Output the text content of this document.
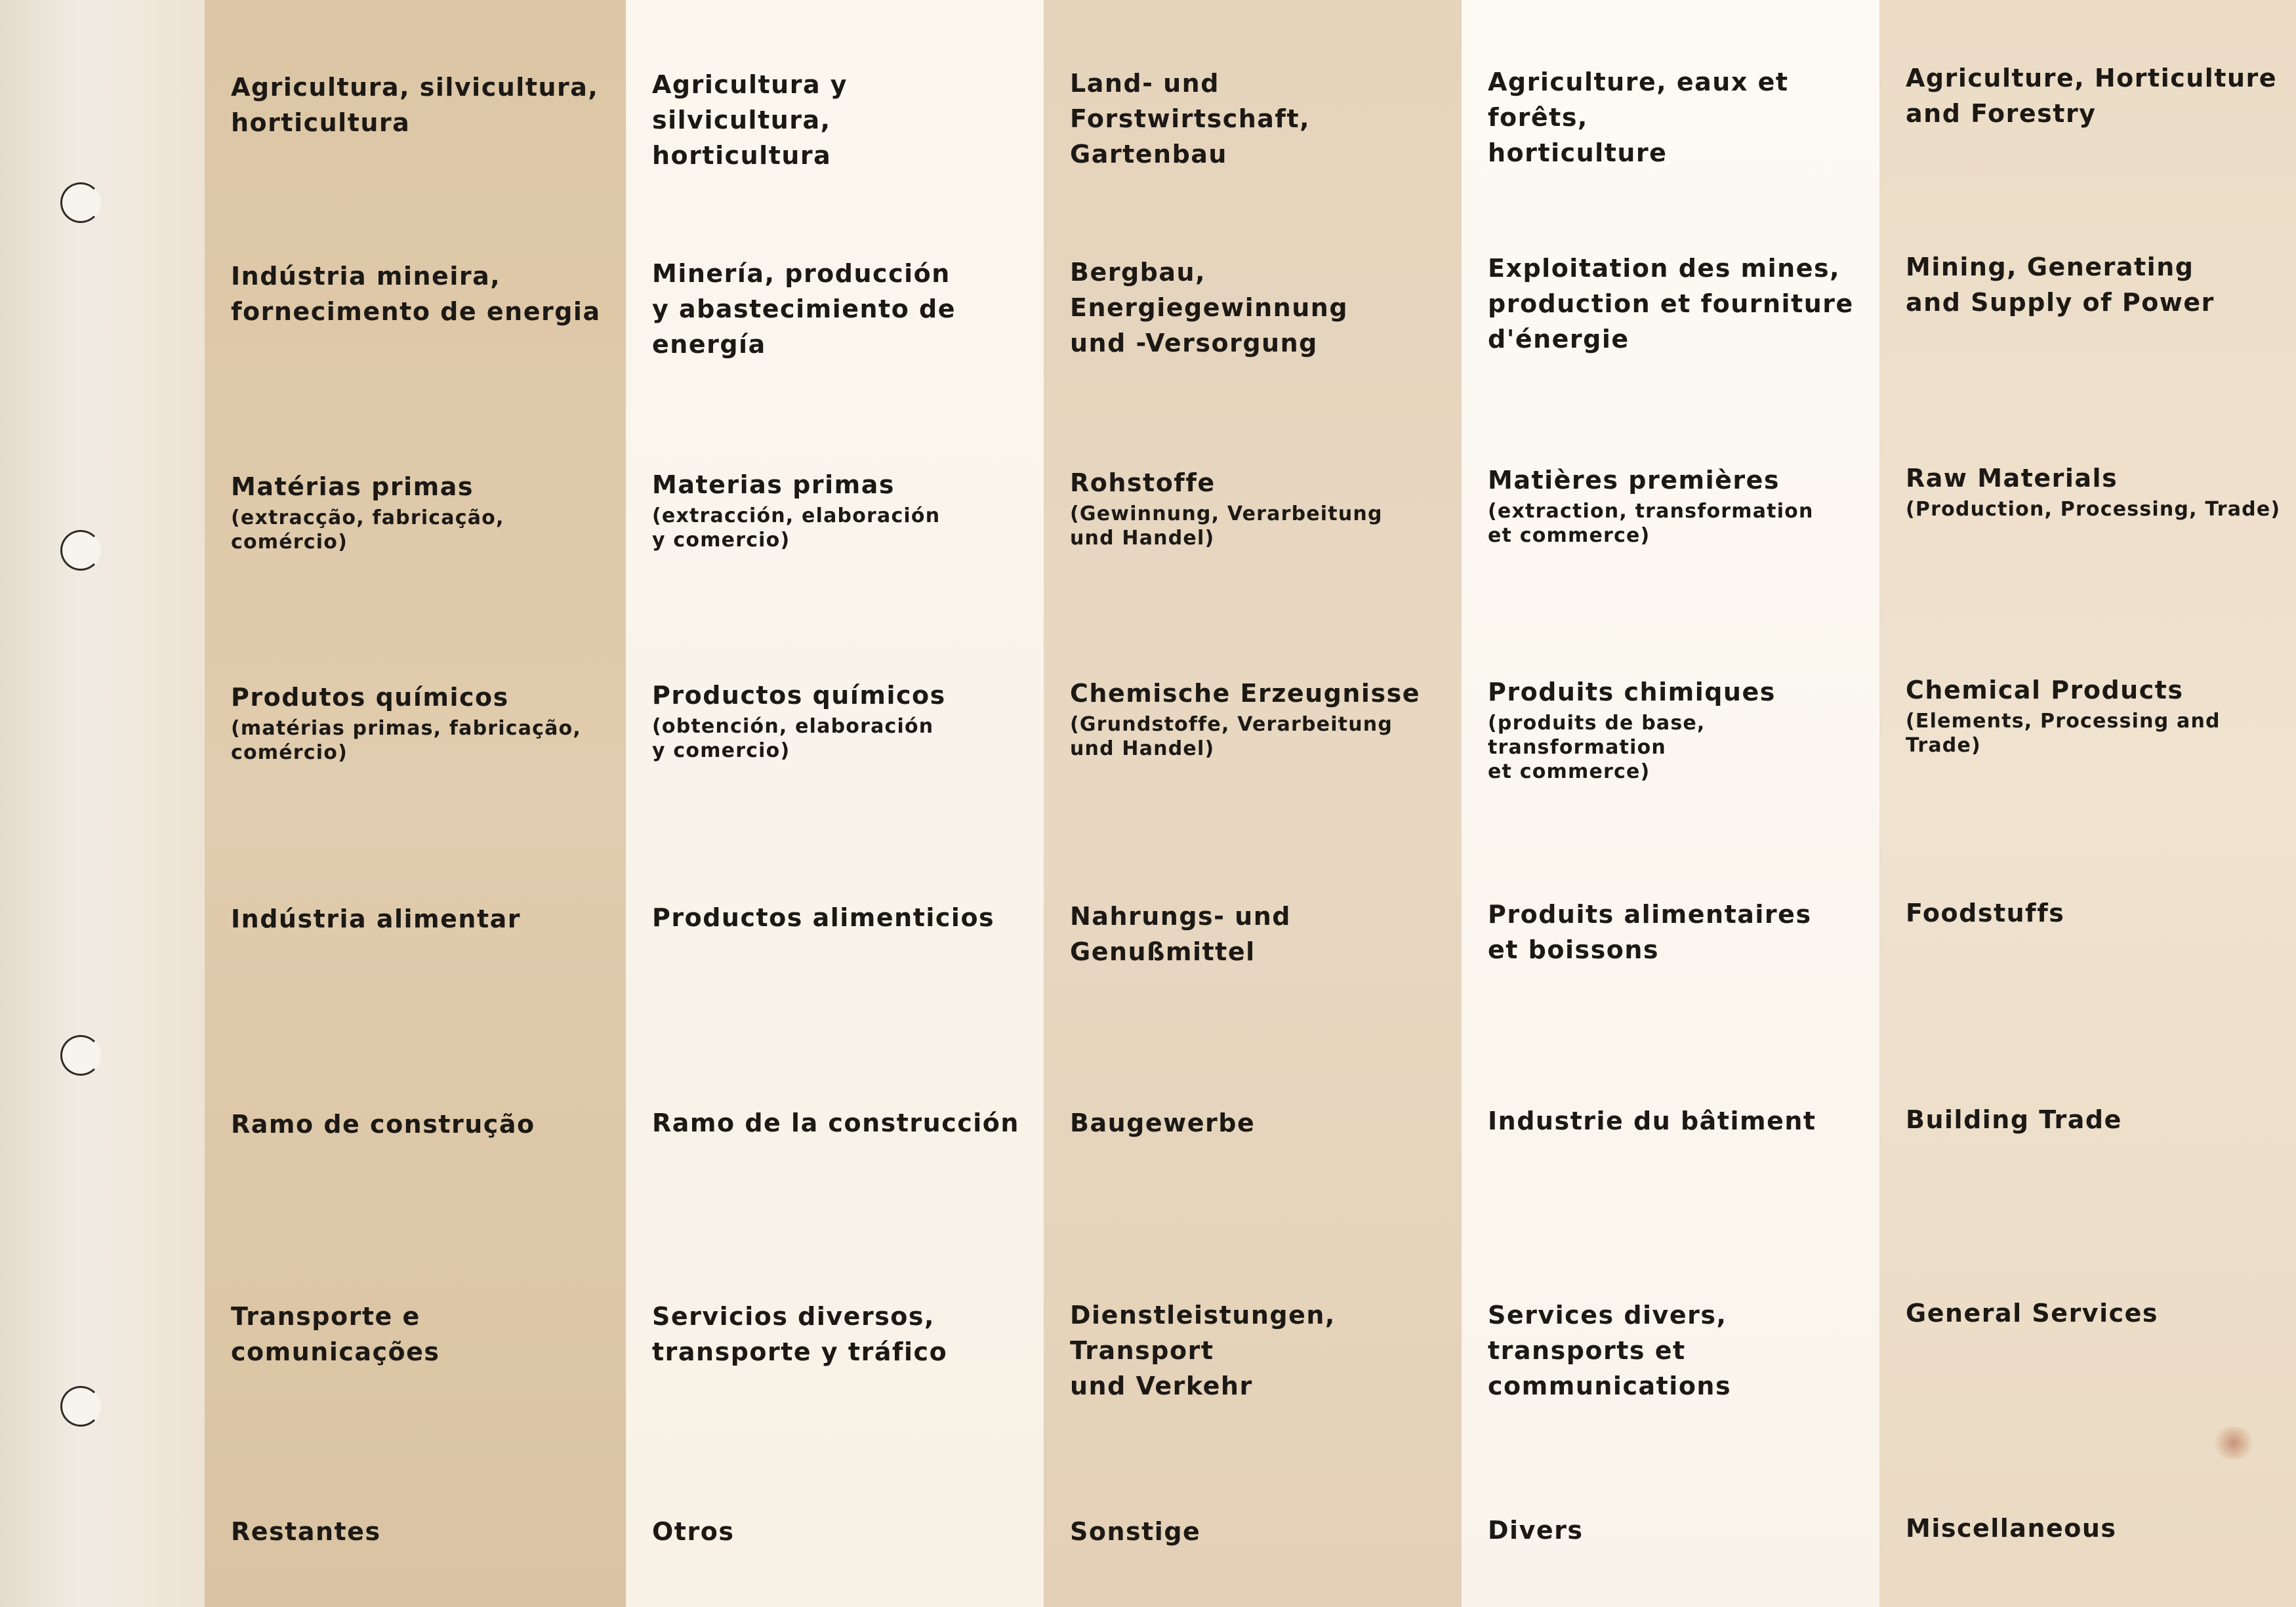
Agricultura, silvicultura,
horticultura
Indústria mineira,
fornecimento de energia
Matérias primas
(extracção, fabricação, comércio)
Produtos químicos
(matérias primas, fabricação,
comércio)
Indústria alimentar
Ramo de construção
Transporte e comunicações
Restantes
Agricultura y silvicultura,
horticultura
Minería, producción
y abastecimiento de energía
Materias primas
(extracción, elaboración
y comercio)
Productos químicos
(obtención, elaboración
y comercio)
Productos alimenticios
Ramo de la construcción
Servicios diversos,
transporte y tráfico
Otros
Land- und Forstwirtschaft,
Gartenbau
Bergbau, Energiegewinnung
und -Versorgung
Rohstoffe
(Gewinnung, Verarbeitung
und Handel)
Chemische Erzeugnisse
(Grundstoffe, Verarbeitung
und Handel)
Nahrungs- und Genußmittel
Baugewerbe
Dienstleistungen, Transport
und Verkehr
Sonstige
Agriculture, eaux et forêts,
horticulture
Exploitation des mines,
production et fourniture
d'énergie
Matières premières
(extraction, transformation
et commerce)
Produits chimiques
(produits de base, transformation
et commerce)
Produits alimentaires
et boissons
Industrie du bâtiment
Services divers,
transports et communications
Divers
Agriculture, Horticulture
and Forestry
Mining, Generating
and Supply of Power
Raw Materials
(Production, Processing, Trade)
Chemical Products
(Elements, Processing and Trade)
Foodstuffs
Building Trade
General Services
Miscellaneous
